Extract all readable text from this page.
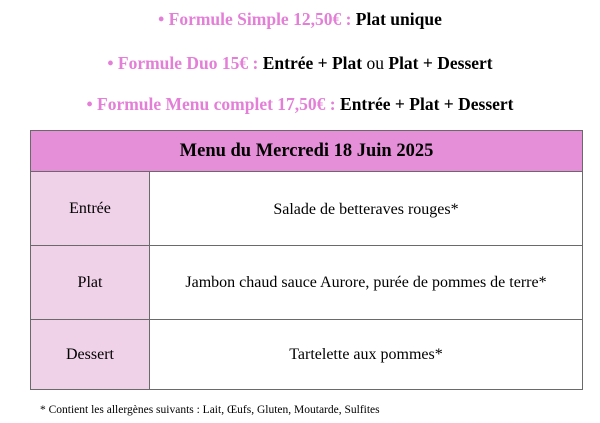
• Formule Simple 12,50€ : Plat unique
• Formule Duo 15€ : Entrée + Plat ou Plat + Dessert
• Formule Menu complet 17,50€ : Entrée + Plat + Dessert
Menu du Mercredi 18 Juin 2025
Entrée	Salade de betteraves rouges*
Plat	Jambon chaud sauce Aurore, purée de pommes de terre*
Dessert	Tartelette aux pommes*
* Contient les allergènes suivants : Lait, Œufs, Gluten, Moutarde, Sulfites
